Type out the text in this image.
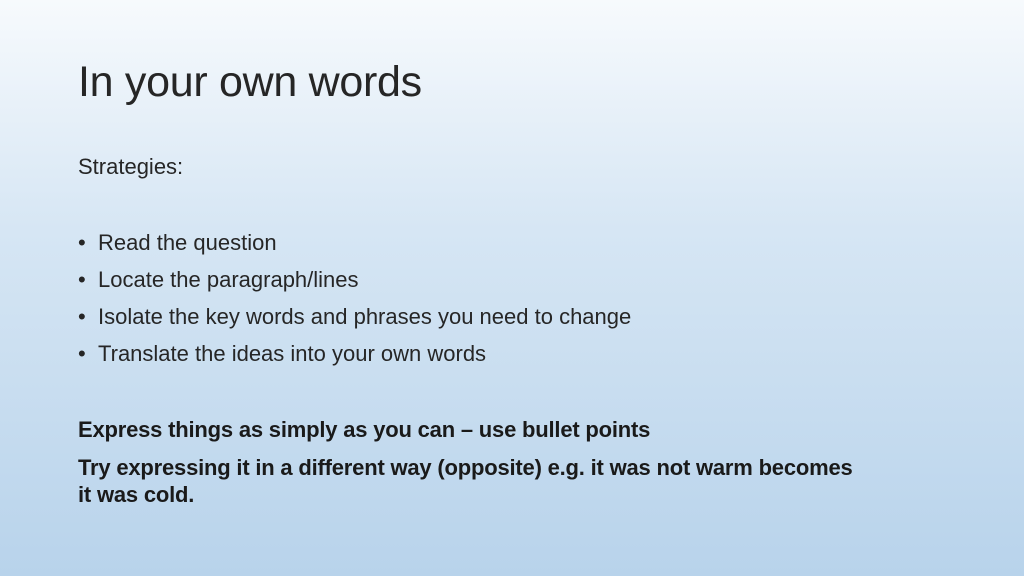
In your own words

Strategies:

• Read the question
• Locate the paragraph/lines
• Isolate the key words and phrases you need to change
• Translate the ideas into your own words

Express things as simply as you can – use bullet points

Try expressing it in a different way (opposite) e.g. it was not warm becomes it was cold.
